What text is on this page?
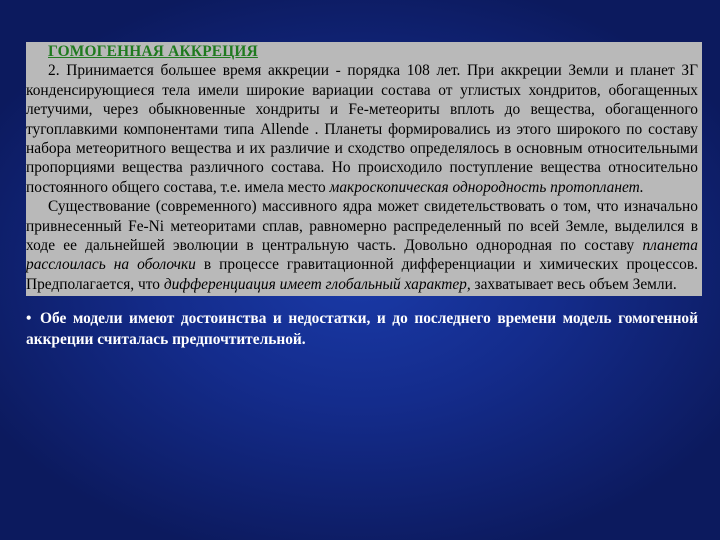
ГОМОГЕННАЯ АККРЕЦИЯ

2. Принимается большее время аккреции - порядка 108 лет. При аккреции Земли и планет ЗГ конденсирующиеся тела имели широкие вариации состава от углистых хондритов, обогащенных летучими, через обыкновенные хондриты и Fe-метеориты вплоть до вещества, обогащенного тугоплавкими компонентами типа Allende . Планеты формировались из этого широкого по составу набора метеоритного вещества и их различие и сходство определялось в основным относительными пропорциями вещества различного состава. Но происходило поступление вещества относительно постоянного общего состава, т.е. имела место макроскопическая однородность протопланет.

Существование (современного) массивного ядра может свидетельствовать о том, что изначально привнесенный Fe-Ni метеоритами сплав, равномерно распределенный по всей Земле, выделился в ходе ее дальнейшей эволюции в центральную часть. Довольно однородная по составу планета расслоилась на оболочки в процессе гравитационной дифференциации и химических процессов. Предполагается, что дифференциация имеет глобальный характер, захватывает весь объем Земли.

• Обе модели имеют достоинства и недостатки, и до последнего времени модель гомогенной аккреции считалась предпочтительной.
